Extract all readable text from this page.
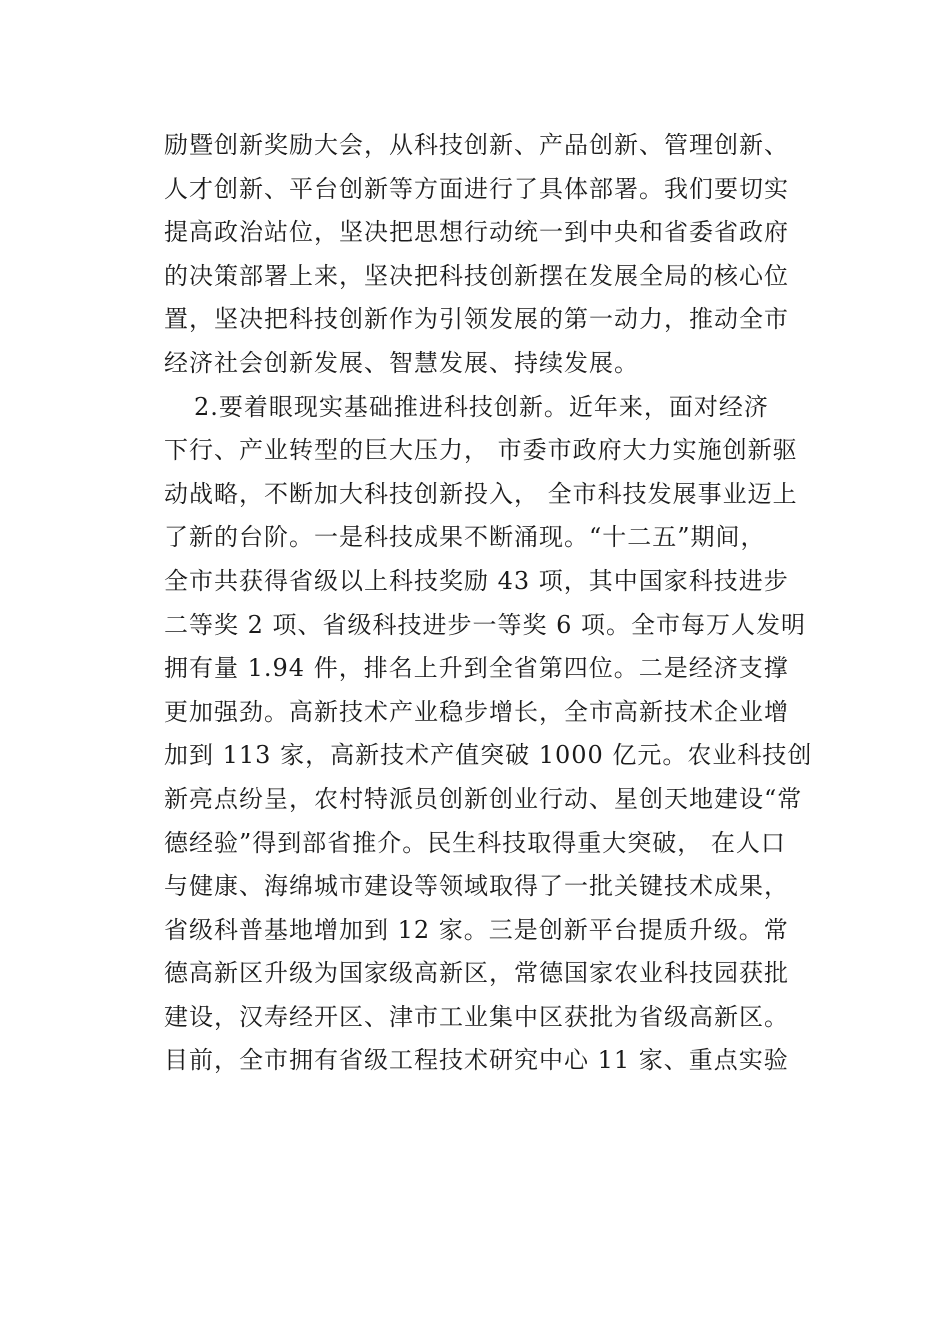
励暨创新奖励大会，从科技创新、产品创新、管理创新、
人才创新、平台创新等方面进行了具体部署。我们要切实
提高政治站位，坚决把思想行动统一到中央和省委省政府
的决策部署上来，坚决把科技创新摆在发展全局的核心位
置，坚决把科技创新作为引领发展的第一动力，推动全市
经济社会创新发展、智慧发展、持续发展。
2.要着眼现实基础推进科技创新。近年来，面对经济
下行、产业转型的巨大压力， 市委市政府大力实施创新驱
动战略，不断加大科技创新投入， 全市科技发展事业迈上
了新的台阶。一是科技成果不断涌现。“十二五”期间，
全市共获得省级以上科技奖励 43 项，其中国家科技进步
二等奖 2 项、省级科技进步一等奖 6 项。全市每万人发明
拥有量 1.94 件，排名上升到全省第四位。二是经济支撑
更加强劲。高新技术产业稳步增长，全市高新技术企业增
加到 113 家，高新技术产值突破 1000 亿元。农业科技创
新亮点纷呈，农村特派员创新创业行动、星创天地建设“常
德经验”得到部省推介。民生科技取得重大突破， 在人口
与健康、海绵城市建设等领域取得了一批关键技术成果，
省级科普基地增加到 12 家。三是创新平台提质升级。常
德高新区升级为国家级高新区，常德国家农业科技园获批
建设，汉寿经开区、津市工业集中区获批为省级高新区。
目前，全市拥有省级工程技术研究中心 11 家、重点实验
